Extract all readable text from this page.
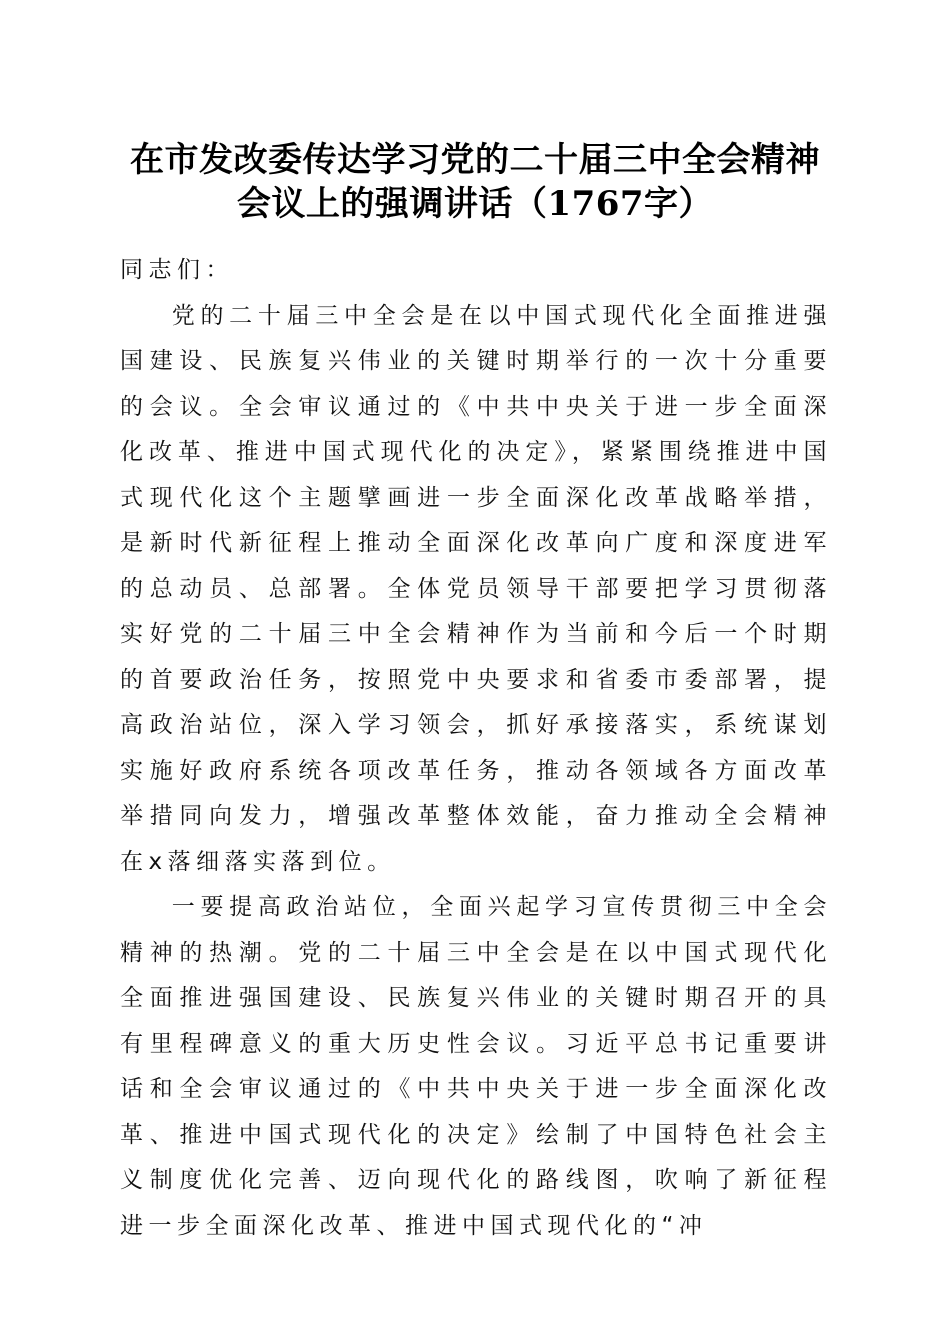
在市发改委传达学习党的二十届三中全会精神
会议上的强调讲话（1767字）

同志们：

党的二十届三中全会是在以中国式现代化全面推进强国建设、民族复兴伟业的关键时期举行的一次十分重要的会议。全会审议通过的《中共中央关于进一步全面深化改革、推进中国式现代化的决定》，紧紧围绕推进中国式现代化这个主题擘画进一步全面深化改革战略举措，是新时代新征程上推动全面深化改革向广度和深度进军的总动员、总部署。全体党员领导干部要把学习贯彻落实好党的二十届三中全会精神作为当前和今后一个时期的首要政治任务，按照党中央要求和省委市委部署，提高政治站位，深入学习领会，抓好承接落实，系统谋划实施好政府系统各项改革任务，推动各领域各方面改革举措同向发力，增强改革整体效能，奋力推动全会精神在x落细落实落到位。

一要提高政治站位，全面兴起学习宣传贯彻三中全会精神的热潮。党的二十届三中全会是在以中国式现代化全面推进强国建设、民族复兴伟业的关键时期召开的具有里程碑意义的重大历史性会议。习近平总书记重要讲话和全会审议通过的《中共中央关于进一步全面深化改革、推进中国式现代化的决定》绘制了中国特色社会主义制度优化完善、迈向现代化的路线图，吹响了新征程进一步全面深化改革、推进中国式现代化的“冲
